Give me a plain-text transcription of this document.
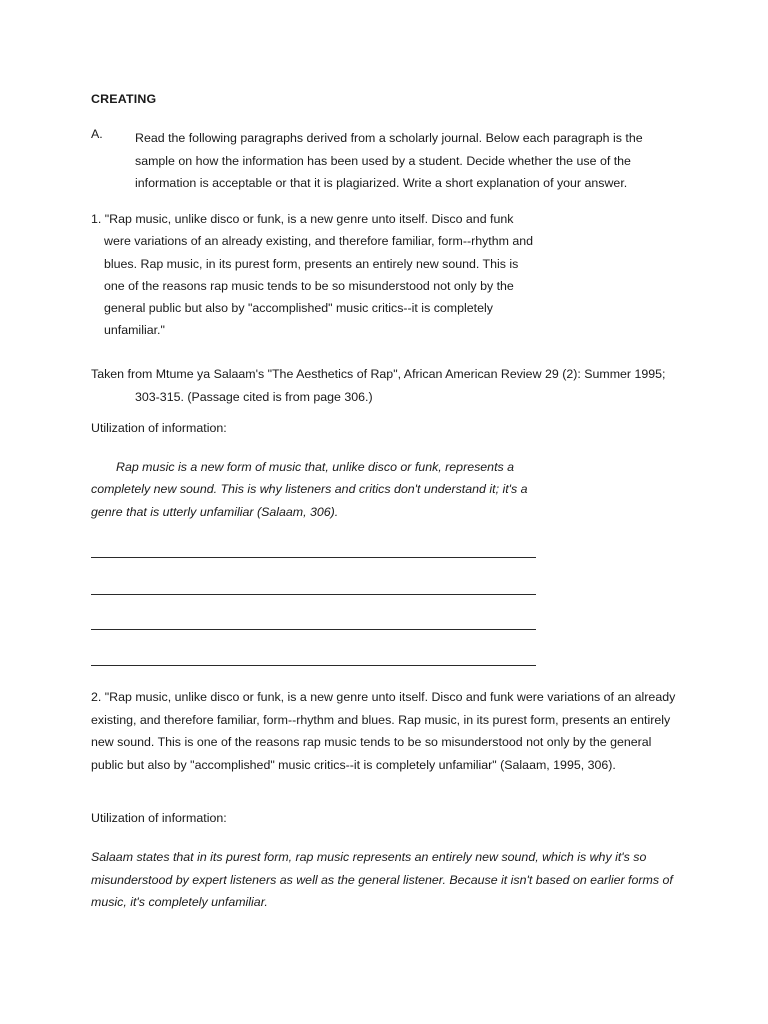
CREATING
A.	Read the following paragraphs derived from a scholarly journal. Below each paragraph is the
sample on how the information has been used by a student. Decide whether the use of the
information is acceptable or that it is plagiarized. Write a short explanation of your answer.
1. "Rap music, unlike disco or funk, is a new genre unto itself. Disco and funk
were variations of an already existing, and therefore familiar, form--rhythm and
blues. Rap music, in its purest form, presents an entirely new sound. This is
one of the reasons rap music tends to be so misunderstood not only by the
general public but also by "accomplished" music critics--it is completely
unfamiliar."
Taken from Mtume ya Salaam's "The Aesthetics of Rap", African American Review 29 (2): Summer 1995;
303-315. (Passage cited is from page 306.)
Utilization of information:
Rap music is a new form of music that, unlike disco or funk, represents a
completely new sound. This is why listeners and critics don't understand it; it's a
genre that is utterly unfamiliar (Salaam, 306).
2. "Rap music, unlike disco or funk, is a new genre unto itself. Disco and funk were variations of an already
existing, and therefore familiar, form--rhythm and blues. Rap music, in its purest form, presents an entirely
new sound. This is one of the reasons rap music tends to be so misunderstood not only by the general
public but also by "accomplished" music critics--it is completely unfamiliar" (Salaam, 1995, 306).
Utilization of information:
Salaam states that in its purest form, rap music represents an entirely new sound, which is why it's so
misunderstood by expert listeners as well as the general listener. Because it isn't based on earlier forms of
music, it's completely unfamiliar.
